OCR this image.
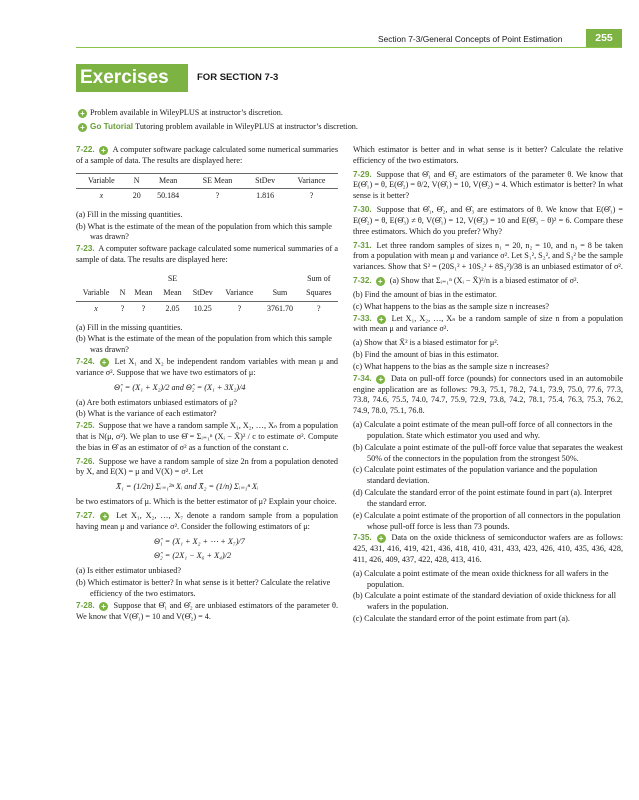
Section 7-3/General Concepts of Point Estimation	255
Exercises	FOR SECTION 7-3
+ Problem available in WileyPLUS at instructor’s discretion.
+ Go Tutorial
Tutoring problem available in WileyPLUS at instructor’s discretion.
7-22. + A computer software package calculated some numerical summaries of a sample of data. The results are displayed here:
Variable	N	Mean	SE Mean	StDev	Variance
x	20	50.184	?	1.816	?
(a) Fill in the missing quantities.
(b) What is the estimate of the mean of the population from which this sample was drawn?
7-23. A computer software package calculated some numerical summaries of a sample of data. The results are displayed here:
			SE				Sum of
Variable	N	Mean	Mean	StDev	Variance	Sum	Squares
x	?	?	2.05	10.25	?	3761.70	?
(a) Fill in the missing quantities.
(b) What is the estimate of the mean of the population from which this sample was drawn?
7-24. + Let X₁ and X₂ be independent random variables with mean μ and variance σ². Suppose that we have two estimators of μ:
Θ̂₁ = (X₁ + X₂)/2 and Θ̂₂ = (X₁ + 3X₂)/4
(a) Are both estimators unbiased estimators of μ?
(b) What is the variance of each estimator?
7-25. Suppose that we have a random sample X₁, X₂, …, Xₙ from a population that is N(μ, σ²). We plan to use Θ̂ = Σᵢ₌₁ⁿ (Xᵢ − X̄)² / c to estimate σ². Compute the bias in Θ̂ as an estimator of σ² as a function of the constant c.
7-26. Suppose we have a random sample of size 2n from a population denoted by X, and E(X) = μ and V(X) = σ². Let
X̄₁ = (1/2n) Σᵢ₌₁²ⁿ Xᵢ and X̄₂ = (1/n) Σᵢ₌₁ⁿ Xᵢ
be two estimators of μ. Which is the better estimator of μ? Explain your choice.
7-27. + Let X₁, X₂, …, X₇ denote a random sample from a population having mean μ and variance σ². Consider the following estimators of μ:
Θ̂₁ = (X₁ + X₂ + ⋯ + X₇)/7
Θ̂₂ = (2X₁ − X₆ + X₄)/2
(a) Is either estimator unbiased?
(b) Which estimator is better? In what sense is it better? Calculate the relative efficiency of the two estimators.
7-28. + Suppose that Θ̂₁ and Θ̂₂ are unbiased estimators of the parameter θ. We know that V(Θ̂₁) = 10 and V(Θ̂₂) = 4.
Which estimator is better and in what sense is it better? Calculate the relative efficiency of the two estimators.
7-29. Suppose that Θ̂₁ and Θ̂₂ are estimators of the parameter θ. We know that E(Θ̂₁) = θ, E(Θ̂₂) = θ/2, V(Θ̂₁) = 10, V(Θ̂₂) = 4. Which estimator is better? In what sense is it better?
7-30. Suppose that Θ̂₁, Θ̂₂, and Θ̂₃ are estimators of θ. We know that E(Θ̂₁) = E(Θ̂₂) = θ, E(Θ̂₃) ≠ θ, V(Θ̂₁) = 12, V(Θ̂₂) = 10 and E(Θ̂₃ − θ)² = 6. Compare these three estimators. Which do you prefer? Why?
7-31. Let three random samples of sizes n₁ = 20, n₂ = 10, and n₃ = 8 be taken from a population with mean μ and variance σ². Let S₁², S₂², and S₃² be the sample variances. Show that S² = (20S₁² + 10S₂² + 8S₃²)/38 is an unbiased estimator of σ².
7-32. + (a) Show that Σᵢ₌₁ⁿ (Xᵢ − X̄)²/n is a biased estimator of σ².
(b) Find the amount of bias in the estimator.
(c) What happens to the bias as the sample size n increases?
7-33. + Let X₁, X₂, …, Xₙ be a random sample of size n from a population with mean μ and variance σ².
(a) Show that X̄² is a biased estimator for μ².
(b) Find the amount of bias in this estimator.
(c) What happens to the bias as the sample size n increases?
7-34. + Data on pull-off force (pounds) for connectors used in an automobile engine application are as follows: 79.3, 75.1, 78.2, 74.1, 73.9, 75.0, 77.6, 77.3, 73.8, 74.6, 75.5, 74.0, 74.7, 75.9, 72.9, 73.8, 74.2, 78.1, 75.4, 76.3, 75.3, 76.2, 74.9, 78.0, 75.1, 76.8.
(a) Calculate a point estimate of the mean pull-off force of all connectors in the population. State which estimator you used and why.
(b) Calculate a point estimate of the pull-off force value that separates the weakest 50% of the connectors in the population from the strongest 50%.
(c) Calculate point estimates of the population variance and the population standard deviation.
(d) Calculate the standard error of the point estimate found in part (a). Interpret the standard error.
(e) Calculate a point estimate of the proportion of all connectors in the population whose pull-off force is less than 73 pounds.
7-35. + Data on the oxide thickness of semiconductor wafers are as follows: 425, 431, 416, 419, 421, 436, 418, 410, 431, 433, 423, 426, 410, 435, 436, 428, 411, 426, 409, 437, 422, 428, 413, 416.
(a) Calculate a point estimate of the mean oxide thickness for all wafers in the population.
(b) Calculate a point estimate of the standard deviation of oxide thickness for all wafers in the population.
(c) Calculate the standard error of the point estimate from part (a).
